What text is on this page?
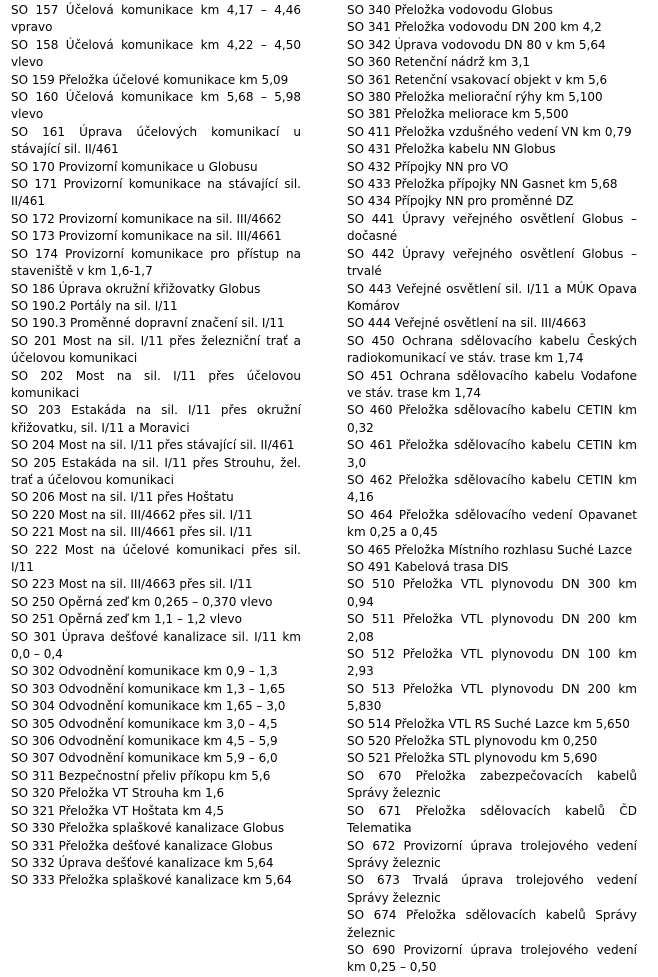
SO 157 Účelová komunikace km 4,17 – 4,46 vpravo
SO 158 Účelová komunikace km 4,22 – 4,50 vlevo
SO 159 Přeložka účelové komunikace km 5,09
SO 160 Účelová komunikace km 5,68 – 5,98 vlevo
SO 161 Úprava účelových komunikací u stávající sil. II/461
SO 170 Provizorní komunikace u Globusu
SO 171 Provizorní komunikace na stávající sil. II/461
SO 172 Provizorní komunikace na sil. III/4662
SO 173 Provizorní komunikace na sil. III/4661
SO 174 Provizorní komunikace pro přístup na staveniště v km 1,6-1,7
SO 186 Úprava okružní křižovatky Globus
SO 190.2 Portály na sil. I/11
SO 190.3 Proměnné dopravní značení sil. I/11
SO 201 Most na sil. I/11 přes železniční trať a účelovou komunikaci
SO 202 Most na sil. I/11 přes účelovou komunikaci
SO 203 Estakáda na sil. I/11 přes okružní křižovatku, sil. I/11 a Moravici
SO 204 Most na sil. I/11 přes stávající sil. II/461
SO 205 Estakáda na sil. I/11 přes Strouhu, žel. trať a účelovou komunikaci
SO 206 Most na sil. I/11 přes Hoštatu
SO 220 Most na sil. III/4662 přes sil. I/11
SO 221 Most na sil. III/4661 přes sil. I/11
SO 222 Most na účelové komunikaci přes sil. I/11
SO 223 Most na sil. III/4663 přes sil. I/11
SO 250 Opěrná zeď km 0,265 – 0,370 vlevo
SO 251 Opěrná zeď km 1,1 – 1,2 vlevo
SO 301 Úprava dešťové kanalizace sil. I/11 km 0,0 – 0,4
SO 302 Odvodnění komunikace km 0,9 – 1,3
SO 303 Odvodnění komunikace km 1,3 – 1,65
SO 304 Odvodnění komunikace km 1,65 – 3,0
SO 305 Odvodnění komunikace km 3,0 – 4,5
SO 306 Odvodnění komunikace km 4,5 – 5,9
SO 307 Odvodnění komunikace km 5,9 – 6,0
SO 311 Bezpečnostní přeliv příkopu km 5,6
SO 320 Přeložka VT Strouha km 1,6
SO 321 Přeložka VT Hoštata km 4,5
SO 330 Přeložka splaškové kanalizace Globus
SO 331 Přeložka dešťové kanalizace Globus
SO 332 Úprava dešťové kanalizace km 5,64
SO 333 Přeložka splaškové kanalizace km 5,64
SO 340 Přeložka vodovodu Globus
SO 341 Přeložka vodovodu DN 200 km 4,2
SO 342 Úprava vodovodu DN 80 v km 5,64
SO 360 Retenční nádrž km 3,1
SO 361 Retenční vsakovací objekt v km 5,6
SO 380 Přeložka meliorační rýhy km 5,100
SO 381 Přeložka meliorace km 5,500
SO 411 Přeložka vzdušného vedení VN km 0,79
SO 431 Přeložka kabelu NN Globus
SO 432 Přípojky NN pro VO
SO 433 Přeložka přípojky NN Gasnet km 5,68
SO 434 Přípojky NN pro proměnné DZ
SO 441 Úpravy veřejného osvětlení Globus – dočasné
SO 442 Úpravy veřejného osvětlení Globus – trvalé
SO 443 Veřejné osvětlení sil. I/11 a MÚK Opava Komárov
SO 444 Veřejné osvětlení na sil. III/4663
SO 450 Ochrana sdělovacího kabelu Českých radiokomunikací ve stáv. trase km 1,74
SO 451 Ochrana sdělovacího kabelu Vodafone ve stáv. trase km 1,74
SO 460 Přeložka sdělovacího kabelu CETIN km 0,32
SO 461 Přeložka sdělovacího kabelu CETIN km 3,0
SO 462 Přeložka sdělovacího kabelu CETIN km 4,16
SO 464 Přeložka sdělovacího vedení Opavanet km 0,25 a 0,45
SO 465 Přeložka Místního rozhlasu Suché Lazce
SO 491 Kabelová trasa DIS
SO 510 Přeložka VTL plynovodu DN 300 km 0,94
SO 511 Přeložka VTL plynovodu DN 200 km 2,08
SO 512 Přeložka VTL plynovodu DN 100 km 2,93
SO 513 Přeložka VTL plynovodu DN 200 km 5,830
SO 514 Přeložka VTL RS Suché Lazce km 5,650
SO 520 Přeložka STL plynovodu km 0,250
SO 521 Přeložka STL plynovodu km 5,690
SO 670 Přeložka zabezpečovacích kabelů Správy železnic
SO 671 Přeložka sdělovacích kabelů ČD Telematika
SO 672 Provizorní úprava trolejového vedení Správy železnic
SO 673 Trvalá úprava trolejového vedení Správy železnic
SO 674 Přeložka sdělovacích kabelů Správy železnic
SO 690 Provizorní úprava trolejového vedení km 0,25 – 0,50
